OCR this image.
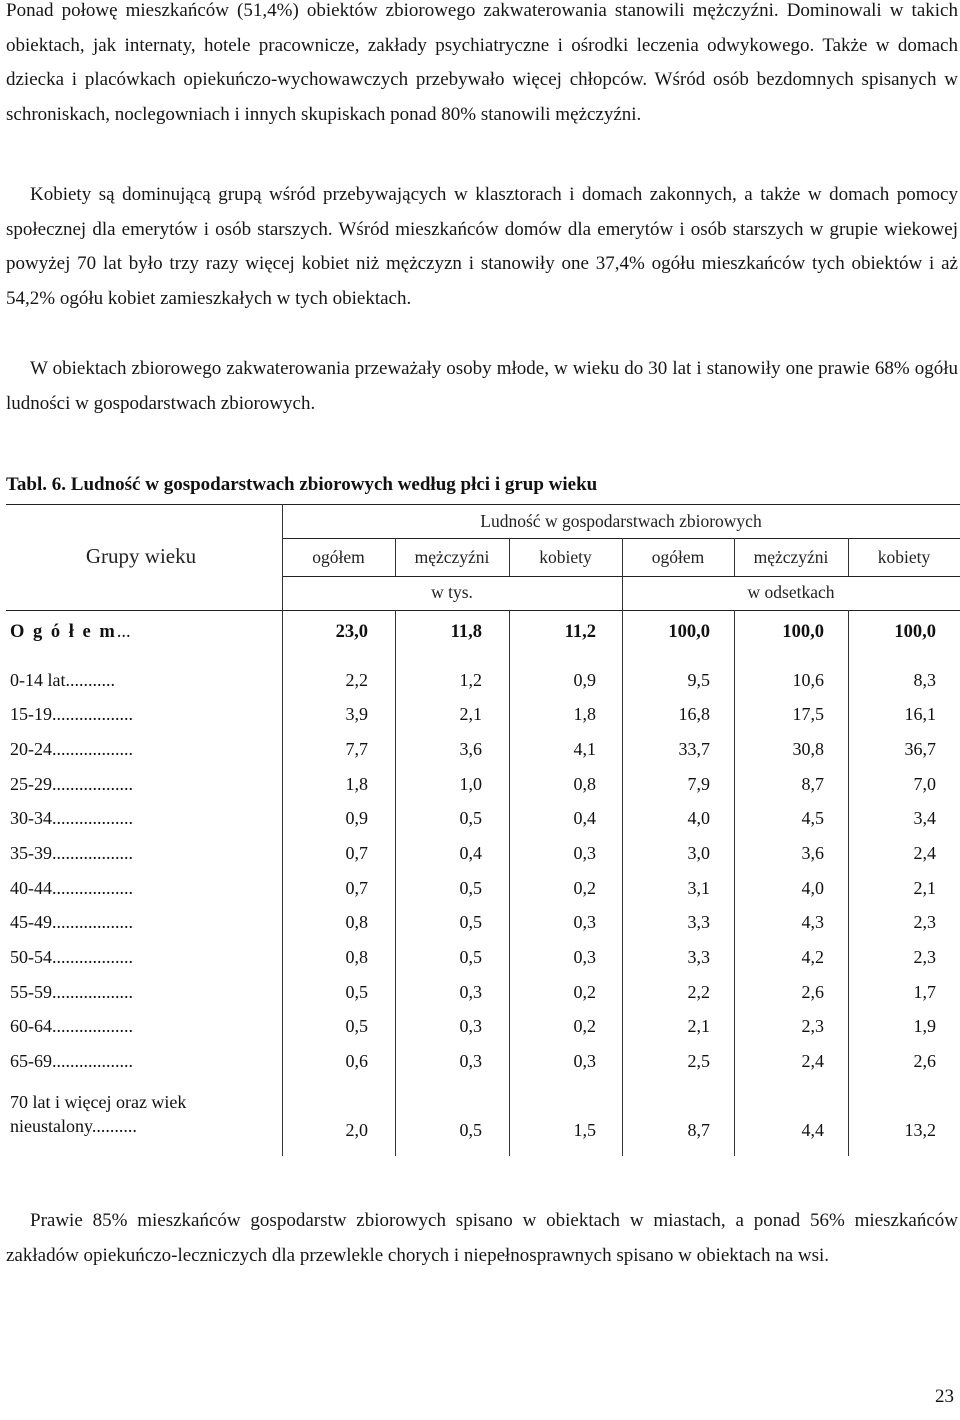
Ponad połowę mieszkańców (51,4%) obiektów zbiorowego zakwaterowania stanowili mężczyźni. Dominowali w takich obiektach, jak internaty, hotele pracownicze, zakłady psychiatryczne i ośrodki leczenia odwykowego. Także w domach dziecka i placówkach opiekuńczo-wychowawczych przebywało więcej chłopców. Wśród osób bezdomnych spisanych w schroniskach, noclegowniach i innych skupiskach ponad 80% stanowili mężczyźni.

Kobiety są dominującą grupą wśród przebywających w klasztorach i domach zakonnych, a także w domach pomocy społecznej dla emerytów i osób starszych. Wśród mieszkańców domów dla emerytów i osób starszych w grupie wiekowej powyżej 70 lat było trzy razy więcej kobiet niż mężczyzn i stanowiły one 37,4% ogółu mieszkańców tych obiektów i aż 54,2% ogółu kobiet zamieszkałych w tych obiektach.

W obiektach zbiorowego zakwaterowania przeważały osoby młode, w wieku do 30 lat i stanowiły one prawie 68% ogółu ludności w gospodarstwach zbiorowych.

Tabl. 6. Ludność w gospodarstwach zbiorowych według płci i grup wieku

Grupy wieku
Ludność w gospodarstwach zbiorowych
ogółem	mężczyźni	kobiety	ogółem	mężczyźni	kobiety
w tys.	w odsetkach
O g ó ł e m...	23,0	11,8	11,2	100,0	100,0	100,0
0-14 lat...........	2,2	1,2	0,9	9,5	10,6	8,3
15-19..................	3,9	2,1	1,8	16,8	17,5	16,1
20-24..................	7,7	3,6	4,1	33,7	30,8	36,7
25-29..................	1,8	1,0	0,8	7,9	8,7	7,0
30-34..................	0,9	0,5	0,4	4,0	4,5	3,4
35-39..................	0,7	0,4	0,3	3,0	3,6	2,4
40-44..................	0,7	0,5	0,2	3,1	4,0	2,1
45-49..................	0,8	0,5	0,3	3,3	4,3	2,3
50-54..................	0,8	0,5	0,3	3,3	4,2	2,3
55-59..................	0,5	0,3	0,2	2,2	2,6	1,7
60-64..................	0,5	0,3	0,2	2,1	2,3	1,9
65-69..................	0,6	0,3	0,3	2,5	2,4	2,6
70 lat i więcej oraz wiek nieustalony..........	2,0	0,5	1,5	8,7	4,4	13,2

Prawie 85% mieszkańców gospodarstw zbiorowych spisano w obiektach w miastach, a ponad 56% mieszkańców zakładów opiekuńczo-leczniczych dla przewlekle chorych i niepełnosprawnych spisano w obiektach na wsi.

23
